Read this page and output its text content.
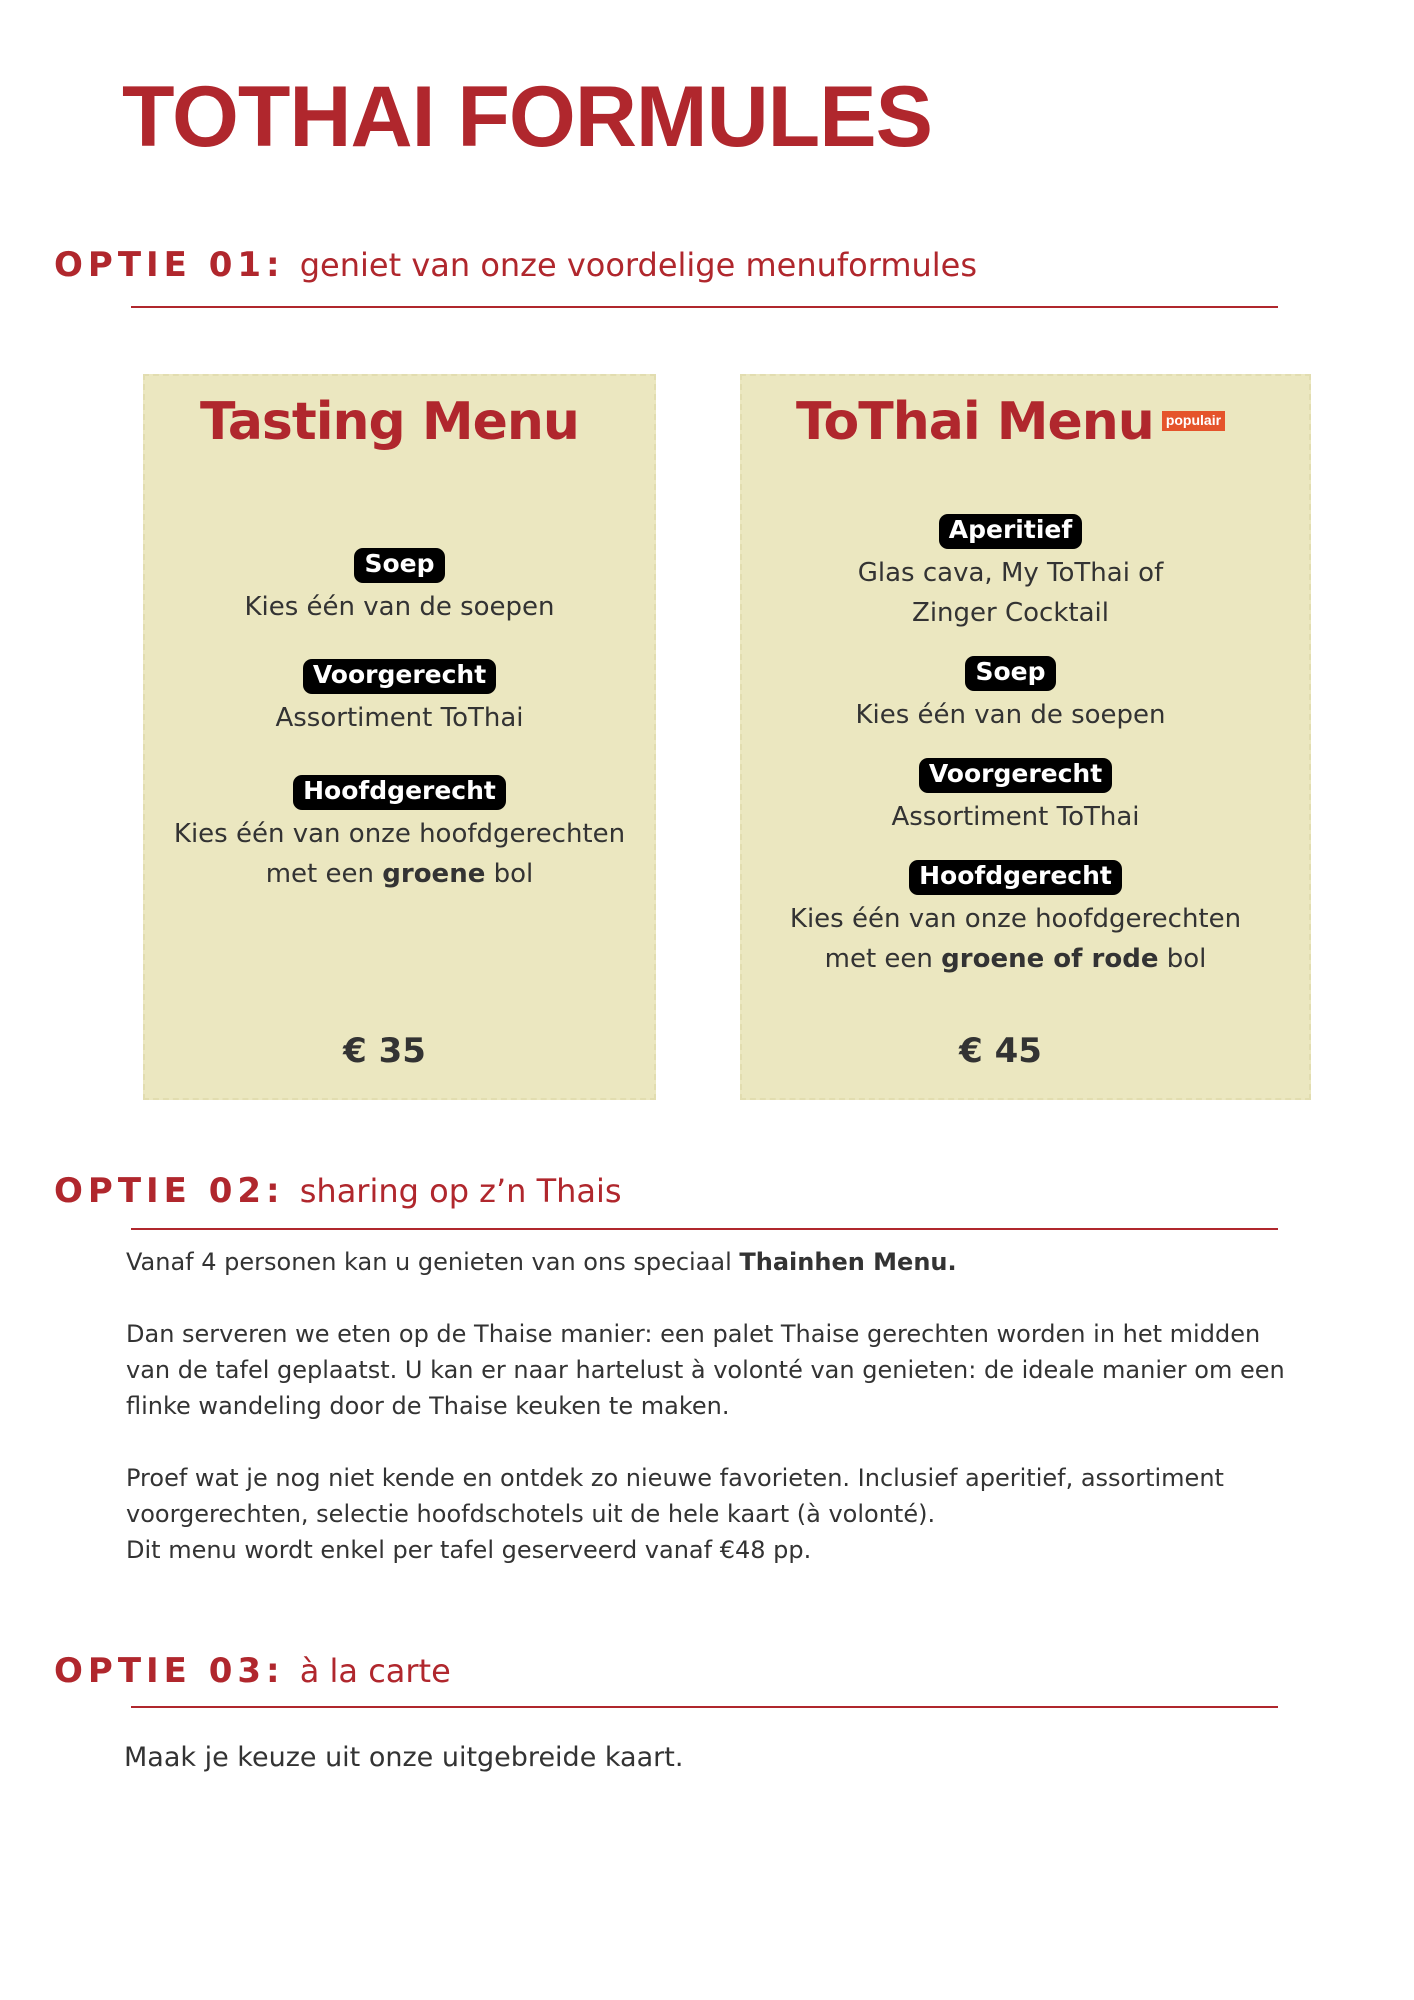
TOTHAI FORMULES
OPTIE 01: geniet van onze voordelige menuformules
Tasting Menu
Soep
Kies één van de soepen
Voorgerecht
Assortiment ToThai
Hoofdgerecht
Kies één van onze hoofdgerechten
met een groene bol
€ 35
ToThai Menu populair
Aperitief
Glas cava, My ToThai of
Zinger Cocktail
Soep
Kies één van de soepen
Voorgerecht
Assortiment ToThai
Hoofdgerecht
Kies één van onze hoofdgerechten
met een groene of rode bol
€ 45
OPTIE 02: sharing op z’n Thais

Vanaf 4 personen kan u genieten van ons speciaal Thainhen Menu.

Dan serveren we eten op de Thaise manier: een palet Thaise gerechten worden in het midden van de tafel geplaatst. U kan er naar hartelust à volonté van genieten: de ideale manier om een flinke wandeling door de Thaise keuken te maken.

Proef wat je nog niet kende en ontdek zo nieuwe favorieten. Inclusief aperitief, assortiment voorgerechten, selectie hoofdschotels uit de hele kaart (à volonté).

Dit menu wordt enkel per tafel geserveerd vanaf €48 pp.

OPTIE 03: à la carte
Maak je keuze uit onze uitgebreide kaart.
